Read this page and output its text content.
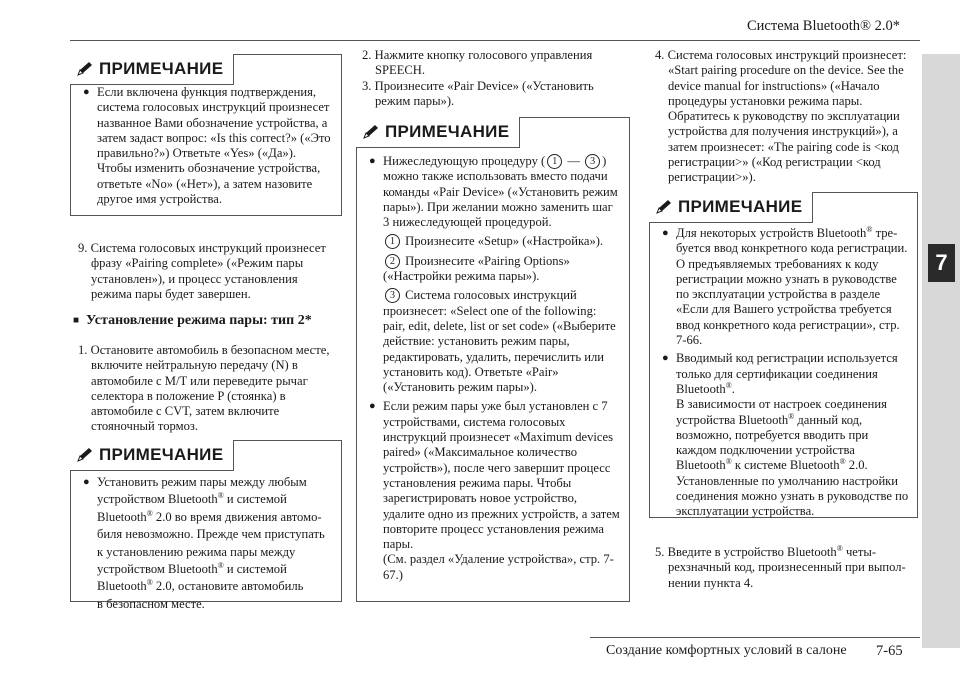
Система Bluetooth® 2.0*
7
ПРИМЕЧАНИЕ
● Если включена функция подтверждения, система голосовых инструкций произнесет названное Вами обозначение устройства, а затем задаст вопрос: «Is this correct?» («Это правильно?») Ответьте «Yes» («Да»).

Чтобы изменить обозначение устройства, ответьте «No» («Нет»), а затем назовите другое имя устройства.

9. Система голосовых инструкций произнесет фразу «Pairing complete» («Режим пары установлен»), и процесс установления режима пары будет завершен.

■ Установление режима пары: тип 2*

1. Остановите автомобиль в безопасном месте, включите нейтральную передачу (N) в автомобиле с M/T или переведите рычаг селектора в положение P (стоянка) в автомобиле с CVT, затем включите стояночный тормоз.

ПРИМЕЧАНИЕ
● Установить режим пары между любым

устройством Bluetooth® и системой

Bluetooth® 2.0 во время движения автомо-

биля невозможно. Прежде чем приступать

к установлению режима пары между

устройством Bluetooth® и системой

Bluetooth® 2.0, остановите автомобиль

в безопасном месте.

2. Нажмите кнопку голосового управления SPEECH.

3. Произнесите «Pair Device» («Установить режим пары»).

ПРИМЕЧАНИЕ
● Нижеследующую процедуру ( 1 — 3 ) можно также использовать вместо подачи команды «Pair Device» («Установить режим пары»). При желании можно заменить шаг 3 нижеследующей процедурой.

1 Произнесите «Setup» («Настройка»).

2 Произнесите «Pairing Options» («Настройки режима пары»).

3 Система голосовых инструкций произнесет: «Select one of the following: pair, edit, delete, list or set code» («Выберите действие: установить режим пары, редактировать, удалить, перечислить или установить код). Ответьте «Pair» («Установить режим пары»).

● Если режим пары уже был установлен с 7 устройствами, система голосовых инструкций произнесет «Maximum devices paired» («Максимальное количество устройств»), после чего завершит процесс установления режима пары. Чтобы зарегистрировать новое устройство, удалите одно из прежних устройств, а затем повторите процесс установления режима пары.

(См. раздел «Удаление устройства», стр. 7-67.)

4. Система голосовых инструкций произнесет: «Start pairing procedure on the device. See the device manual for instructions» («Начало процедуры установки режима пары. Обратитесь к руководству по эксплуатации устройства для получения инструкций»), а затем произнесет: «The pairing code is <код регистрации>» («Код регистрации <код регистрации>»).

ПРИМЕЧАНИЕ
● Для некоторых устройств Bluetooth® требуется ввод конкретного кода регистрации. О предъявляемых требованиях к коду регистрации можно узнать в руководстве по эксплуатации устройства в разделе «Если для Вашего устройства требуется ввод конкретного кода регистрации», стр. 7-66.

● Вводимый код регистрации используется только для сертификации соединения Bluetooth®.

В зависимости от настроек соединения устройства Bluetooth® данный код, возможно, потребуется вводить при каждом подключении устройства Bluetooth® к системе Bluetooth® 2.0. Установленные по умолчанию настройки соединения можно узнать в руководстве по эксплуатации устройства.

5. Введите в устройство Bluetooth® четырехзначный код, произнесенный при выполнении пункта 4.

Создание комфортных условий в салоне 7-65
